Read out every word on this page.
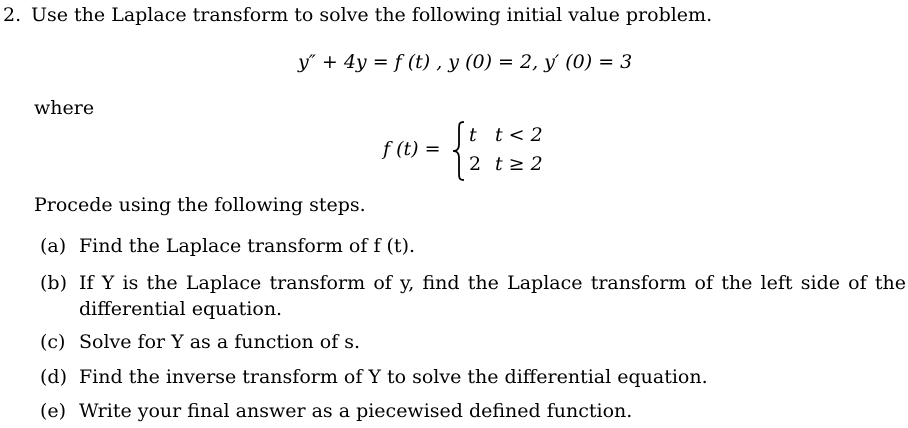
2. Use the Laplace transform to solve the following initial value problem.
y″ + 4y = f (t) , y (0) = 2, y′ (0) = 3
where
f (t) =
t t < 2
2 t ≥ 2
Procede using the following steps.
(a) Find the Laplace transform of f (t).
(b) If Y is the Laplace transform of y, find the Laplace transform of the left side of the differential equation.
(c) Solve for Y as a function of s.
(d) Find the inverse transform of Y to solve the differential equation.
(e) Write your final answer as a piecewised defined function.
